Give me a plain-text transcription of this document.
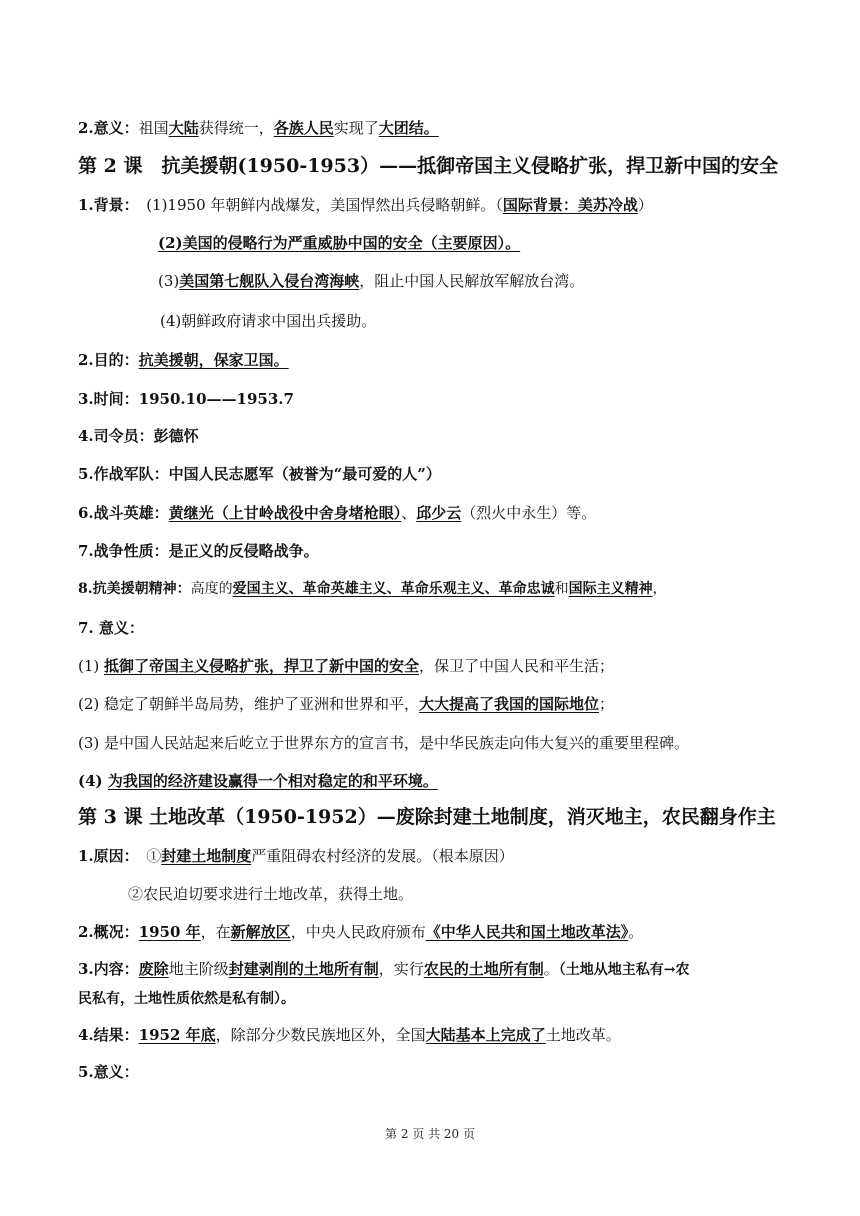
2.意义：祖国大陆获得统一，各族人民实现了大团结。
第 2 课　抗美援朝(1950-1953）——抵御帝国主义侵略扩张，捍卫新中国的安全
1.背景：　 (1)1950 年朝鲜内战爆发，美国悍然出兵侵略朝鲜。（国际背景：美苏冷战）
(2)美国的侵略行为严重威胁中国的安全（主要原因）。
(3)美国第七舰队入侵台湾海峡，阻止中国人民解放军解放台湾。
(4)朝鲜政府请求中国出兵援助。
2.目的：抗美援朝，保家卫国。
3.时间：1950.10——1953.7
4.司令员：彭德怀
5.作战军队：中国人民志愿军（被誉为“最可爱的人”）
6.战斗英雄：黄继光（上甘岭战役中舍身堵枪眼）、邱少云（烈火中永生）等。
7.战争性质：是正义的反侵略战争。
8.抗美援朝精神：高度的爱国主义、革命英雄主义、革命乐观主义、革命忠诚和国际主义精神，
7. 意义：
(1) 抵御了帝国主义侵略扩张，捍卫了新中国的安全，保卫了中国人民和平生活；
(2) 稳定了朝鲜半岛局势，维护了亚洲和世界和平，大大提高了我国的国际地位；
(3) 是中国人民站起来后屹立于世界东方的宣言书，是中华民族走向伟大复兴的重要里程碑。
(4) 为我国的经济建设赢得一个相对稳定的和平环境。
第 3 课 土地改革（1950-1952）—废除封建土地制度，消灭地主，农民翻身作主
1.原因：　 ①封建土地制度严重阻碍农村经济的发展。（根本原因）
②农民迫切要求进行土地改革，获得土地。
2.概况：1950 年，在新解放区，中央人民政府颁布《中华人民共和国土地改革法》。
3.内容：废除地主阶级封建剥削的土地所有制，实行农民的土地所有制。（土地从地主私有→农
民私有，土地性质依然是私有制）。
4.结果：1952 年底，除部分少数民族地区外，全国大陆基本上完成了土地改革。
5.意义：
第 2 页 共 20 页
